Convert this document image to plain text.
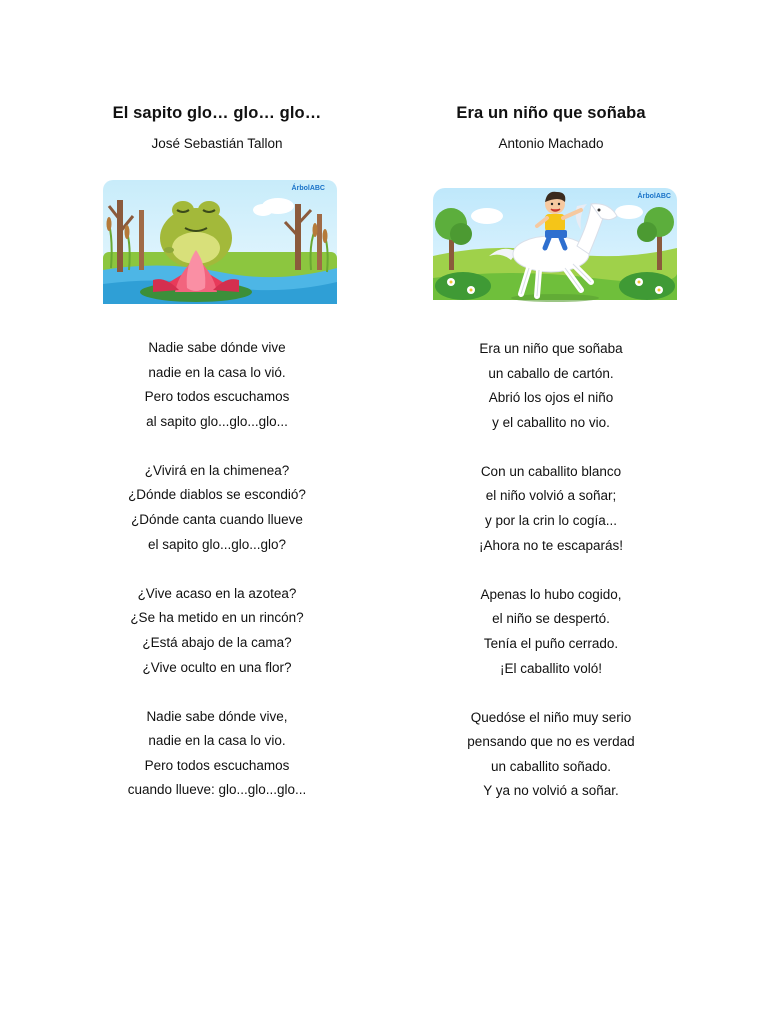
El sapito glo… glo… glo…
José Sebastián Tallon
ÁrbolABC
Nadie sabe dónde vive
nadie en la casa lo vió.
Pero todos escuchamos
al sapito glo...glo...glo...
¿Vivirá en la chimenea?
¿Dónde diablos se escondió?
¿Dónde canta cuando llueve
el sapito glo...glo...glo?
¿Vive acaso en la azotea?
¿Se ha metido en un rincón?
¿Está abajo de la cama?
¿Vive oculto en una flor?
Nadie sabe dónde vive,
nadie en la casa lo vio.
Pero todos escuchamos
cuando llueve: glo...glo...glo...
Era un niño que soñaba
Antonio Machado
ÁrbolABC
Era un niño que soñaba
un caballo de cartón.
Abrió los ojos el niño
y el caballito no vio.
Con un caballito blanco
el niño volvió a soñar;
y por la crin lo cogía...
¡Ahora no te escaparás!
Apenas lo hubo cogido,
el niño se despertó.
Tenía el puño cerrado.
¡El caballito voló!
Quedóse el niño muy serio
pensando que no es verdad
un caballito soñado.
Y ya no volvió a soñar.
